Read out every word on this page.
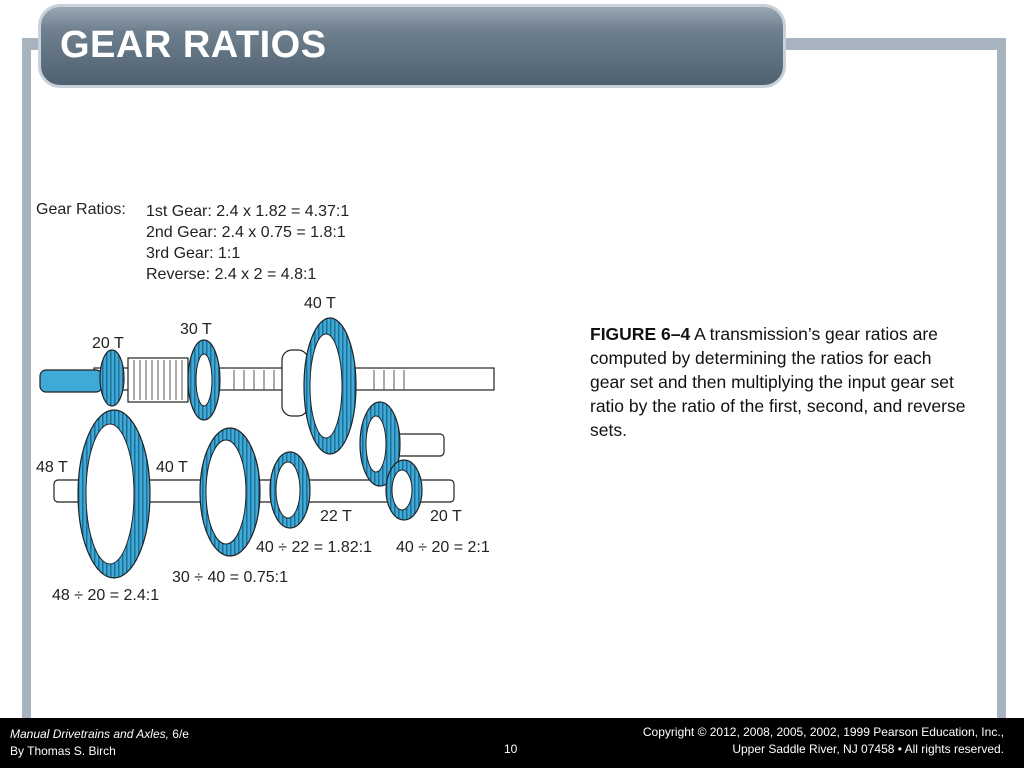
GEAR RATIOS
Gear Ratios: 1st Gear: 2.4 x 1.82 = 4.37:1
2nd Gear: 2.4 x 0.75 = 1.8:1
3rd Gear: 1:1
Reverse: 2.4 x 2 = 4.8:1
20 T
30 T
40 T
48 T	40 T
22 T	20 T
40 ÷ 22 = 1.82:1 40 ÷ 20 = 2:1
30 ÷ 40 = 0.75:1
48 ÷ 20 = 2.4:1
FIGURE 6–4 A transmission’s gear ratios are computed by determining the ratios for each gear set and then multiplying the input gear set ratio by the ratio of the first, second, and reverse sets.
Manual Drivetrains and Axles, 6/e
By Thomas S. Birch	10
Copyright © 2012, 2008, 2005, 2002, 1999 Pearson Education, Inc.,
Upper Saddle River, NJ 07458 • All rights reserved.
